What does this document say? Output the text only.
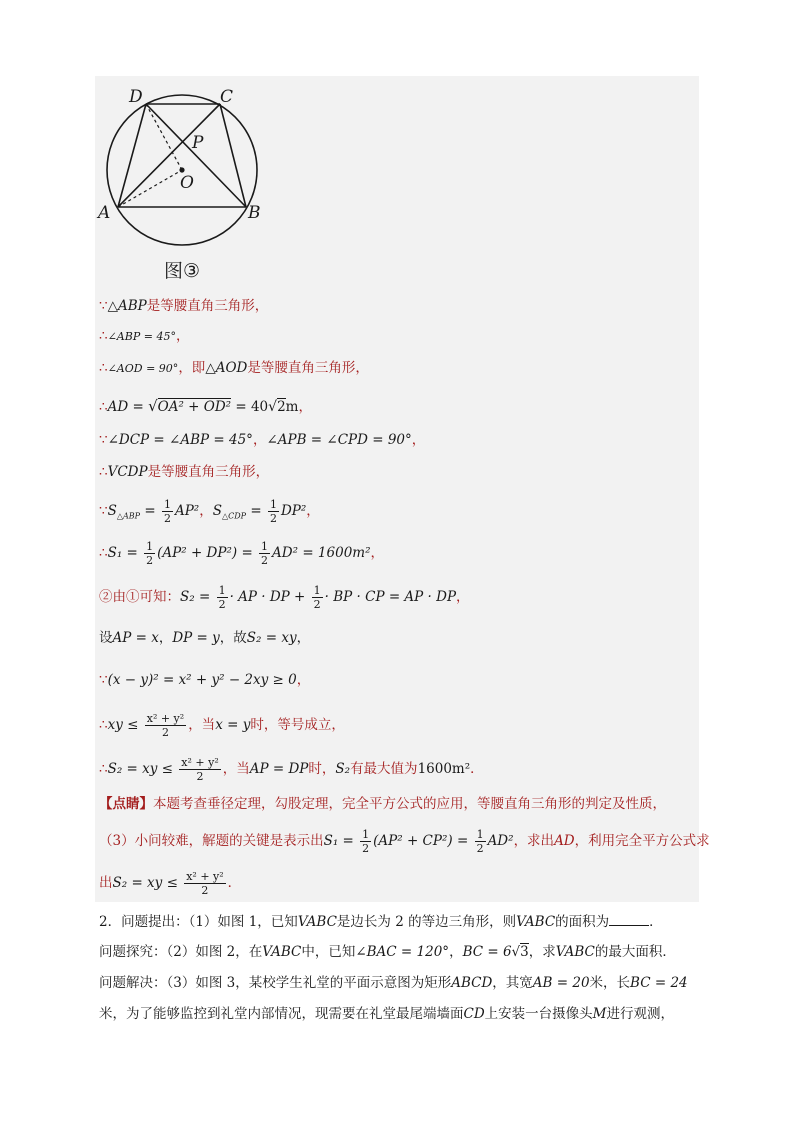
D	C
P
O
A	B
图③
∵△ABP是等腰直角三角形，
∴∠ABP = 45°，
∴∠AOD = 90°，即△AOD是等腰直角三角形，
∴AD = √OA² + OD² = 40√2m，
∵∠DCP = ∠ABP = 45°，∠APB = ∠CPD = 90°，
∴VCDP是等腰直角三角形，
$\because S_{\triangle ABP} = \frac{1}{2} AP^2$，$S_{\triangle CDP} = \frac{1}{2} DP^2$，
∴S₁ = $\frac{1}{2} (AP^2 + DP^2) = \frac{1}{2} AD^2 = 1600m^2$，
②由①可知：$S_2 = \frac{1}{2}$ · AP · DP + $\frac{1}{2}$ · BP · CP = AP · DP，
设AP = x，DP = y，故S₂ = xy，
∵(x − y)² = x² + y² − 2xy ≥ 0，
∴xy ≤ $\frac{\text{x² + y²}}{2}$ ，当x = y时，等号成立，
∴S₂ = xy ≤ $\frac{\text{x² + y²}}{2}$ ，当AP = DP时，S₂有最大值为1600m²．
【点睛】本题考查垂径定理，勾股定理，完全平方公式的应用，等腰直角三角形的判定及性质，
（3）小问较难，解题的关键是表示出$S_1 = \frac{1}{2} (AP^2 + CP^2) = \frac{1}{2} AD^2$，求出AD，利用完全平方公式求
出S₂ = xy ≤ $\frac{\text{x² + y²}}{2}$ ．
2．问题提出：（1）如图 1，已知VABC是边长为 2 的等边三角形，则VABC的面积为	．
问题探究：（2）如图 2，在VABC中，已知∠BAC = 120°，BC = 6√3，求VABC的最大面积．
问题解决：（3）如图 3，某校学生礼堂的平面示意图为矩形ABCD，其宽AB = 20米，长BC = 24
米，为了能够监控到礼堂内部情况，现需要在礼堂最尾端墙面CD上安装一台摄像头M进行观测，
